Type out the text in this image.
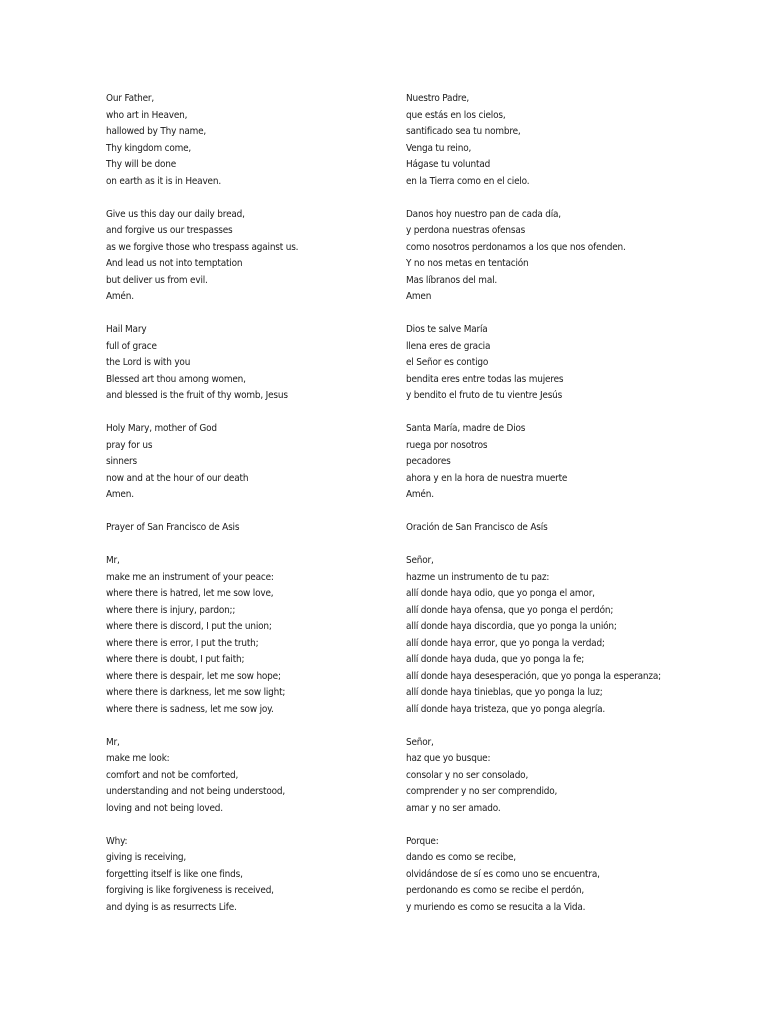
Our Father,
who art in Heaven,
hallowed by Thy name,
Thy kingdom come,
Thy will be done
on earth as it is in Heaven.
Give us this day our daily bread,
and forgive us our trespasses
as we forgive those who trespass against us.
And lead us not into temptation
but deliver us from evil.
Amén.
Hail Mary
full of grace
the Lord is with you
Blessed art thou among women,
and blessed is the fruit of thy womb, Jesus
Holy Mary, mother of God
pray for us
sinners
now and at the hour of our death
Amen.
Prayer of San Francisco de Asis
Mr,
make me an instrument of your peace:
where there is hatred, let me sow love,
where there is injury, pardon;;
where there is discord, I put the union;
where there is error, I put the truth;
where there is doubt, I put faith;
where there is despair, let me sow hope;
where there is darkness, let me sow light;
where there is sadness, let me sow joy.
Mr,
make me look:
comfort and not be comforted,
understanding and not being understood,
loving and not being loved.
Why:
giving is receiving,
forgetting itself is like one finds,
forgiving is like forgiveness is received,
and dying is as resurrects Life.
Nuestro Padre,
que estás en los cielos,
santificado sea tu nombre,
Venga tu reino,
Hágase tu voluntad
en la Tierra como en el cielo.
Danos hoy nuestro pan de cada día,
y perdona nuestras ofensas
como nosotros perdonamos a los que nos ofenden.
Y no nos metas en tentación
Mas líbranos del mal.
Amen
Dios te salve María
llena eres de gracia
el Señor es contigo
bendita eres entre todas las mujeres
y bendito el fruto de tu vientre Jesús
Santa María, madre de Dios
ruega por nosotros
pecadores
ahora y en la hora de nuestra muerte
Amén.
Oración de San Francisco de Asís
Señor,
hazme un instrumento de tu paz:
allí donde haya odio, que yo ponga el amor,
allí donde haya ofensa, que yo ponga el perdón;
allí donde haya discordia, que yo ponga la unión;
allí donde haya error, que yo ponga la verdad;
allí donde haya duda, que yo ponga la fe;
allí donde haya desesperación, que yo ponga la esperanza;
allí donde haya tinieblas, que yo ponga la luz;
allí donde haya tristeza, que yo ponga alegría.
Señor,
haz que yo busque:
consolar y no ser consolado,
comprender y no ser comprendido,
amar y no ser amado.
Porque:
dando es como se recibe,
olvidándose de sí es como uno se encuentra,
perdonando es como se recibe el perdón,
y muriendo es como se resucita a la Vida.
